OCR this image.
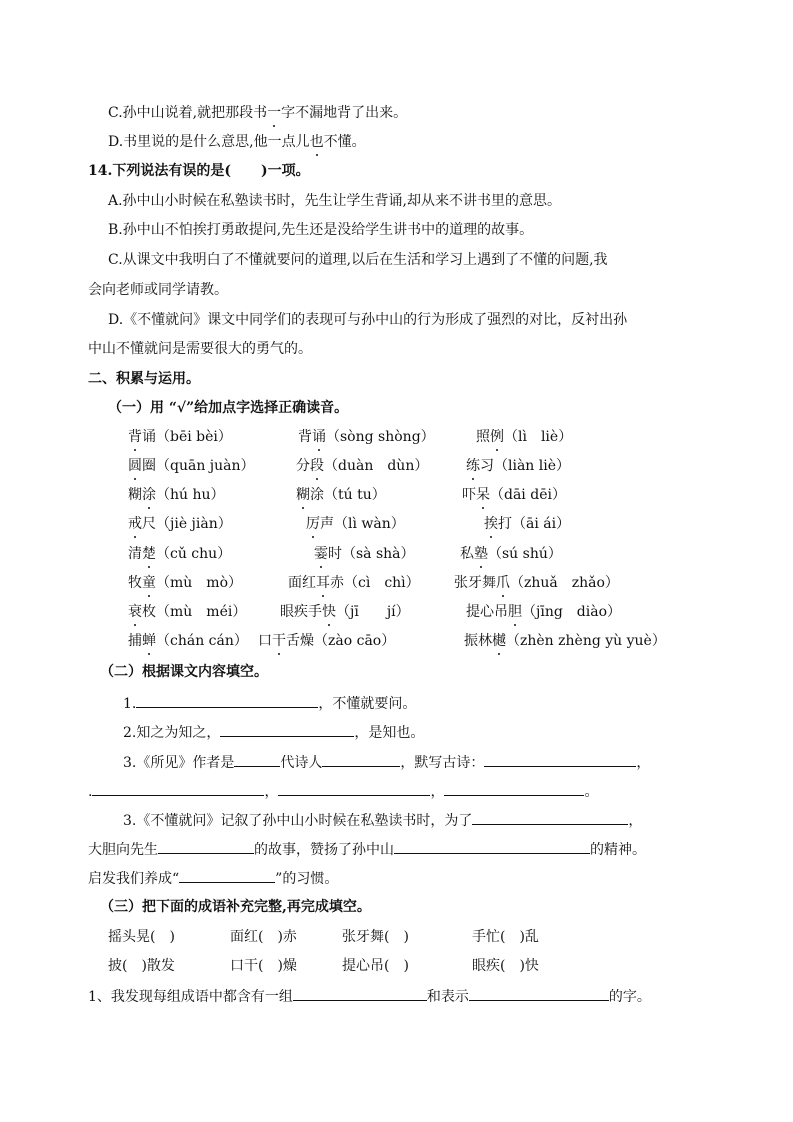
C.孙中山说着,就把那段书一字不漏地背了出来。
D.书里说的是什么意思,他一点儿也不懂。
14.下列说法有误的是( )一项。
A.孙中山小时候在私塾读书时，先生让学生背诵,却从来不讲书里的意思。
B.孙中山不怕挨打勇敢提问,先生还是没给学生讲书中的道理的故事。
C.从课文中我明白了不懂就要问的道理,以后在生活和学习上遇到了不懂的问题,我
会向老师或同学请教。
D.《不懂就问》课文中同学们的表现可与孙中山的行为形成了强烈的对比，反衬出孙
中山不懂就问是需要很大的勇气的。
二、积累与运用。
（一）用 “√”给加点字选择正确读音。
背诵（bēi bèi）	背诵（sòng shòng）	照例（lì　liè）
圆圈（quān juàn）	分段（duàn　dùn）	练习（liàn liè）
糊涂（hú hu）	糊涂（tú tu）	吓呆（dāi dēi）
戒尺（jiè jiàn）	厉声（lì wàn）	挨打（āi ái）
清楚（cǔ chu）	霎时（sà shà）	私塾（sú shú）
牧童（mù　mò）	面红耳赤（cì　chì） 张牙舞爪（zhuǎ　zhǎo）
衰枚（mù　méi） 眼疾手快（jī　　jí）	提心吊胆（jīng　diào）
捕蝉（chán cán） 口干舌燥（zào cāo）	振林樾（zhèn zhèng yù yuè）
（二）根据课文内容填空。
1.	，不懂就要问。
2.知之为知之，	，是知也。
3.《所见》作者是	代诗人	，默写古诗：	，
.	，	，	。
3.《不懂就问》记叙了孙中山小时候在私塾读书时，为了	，
大胆向先生	的故事，赞扬了孙中山	的精神。
启发我们养成“	”的习惯。
（三）把下面的成语补充完整,再完成填空。
摇头晃( )	面红( )赤	张牙舞( )	手忙( )乱
披( )散发	口干( )燥	提心吊( )	眼疾( )快
1、我发现每组成语中都含有一组	和表示	的字。
